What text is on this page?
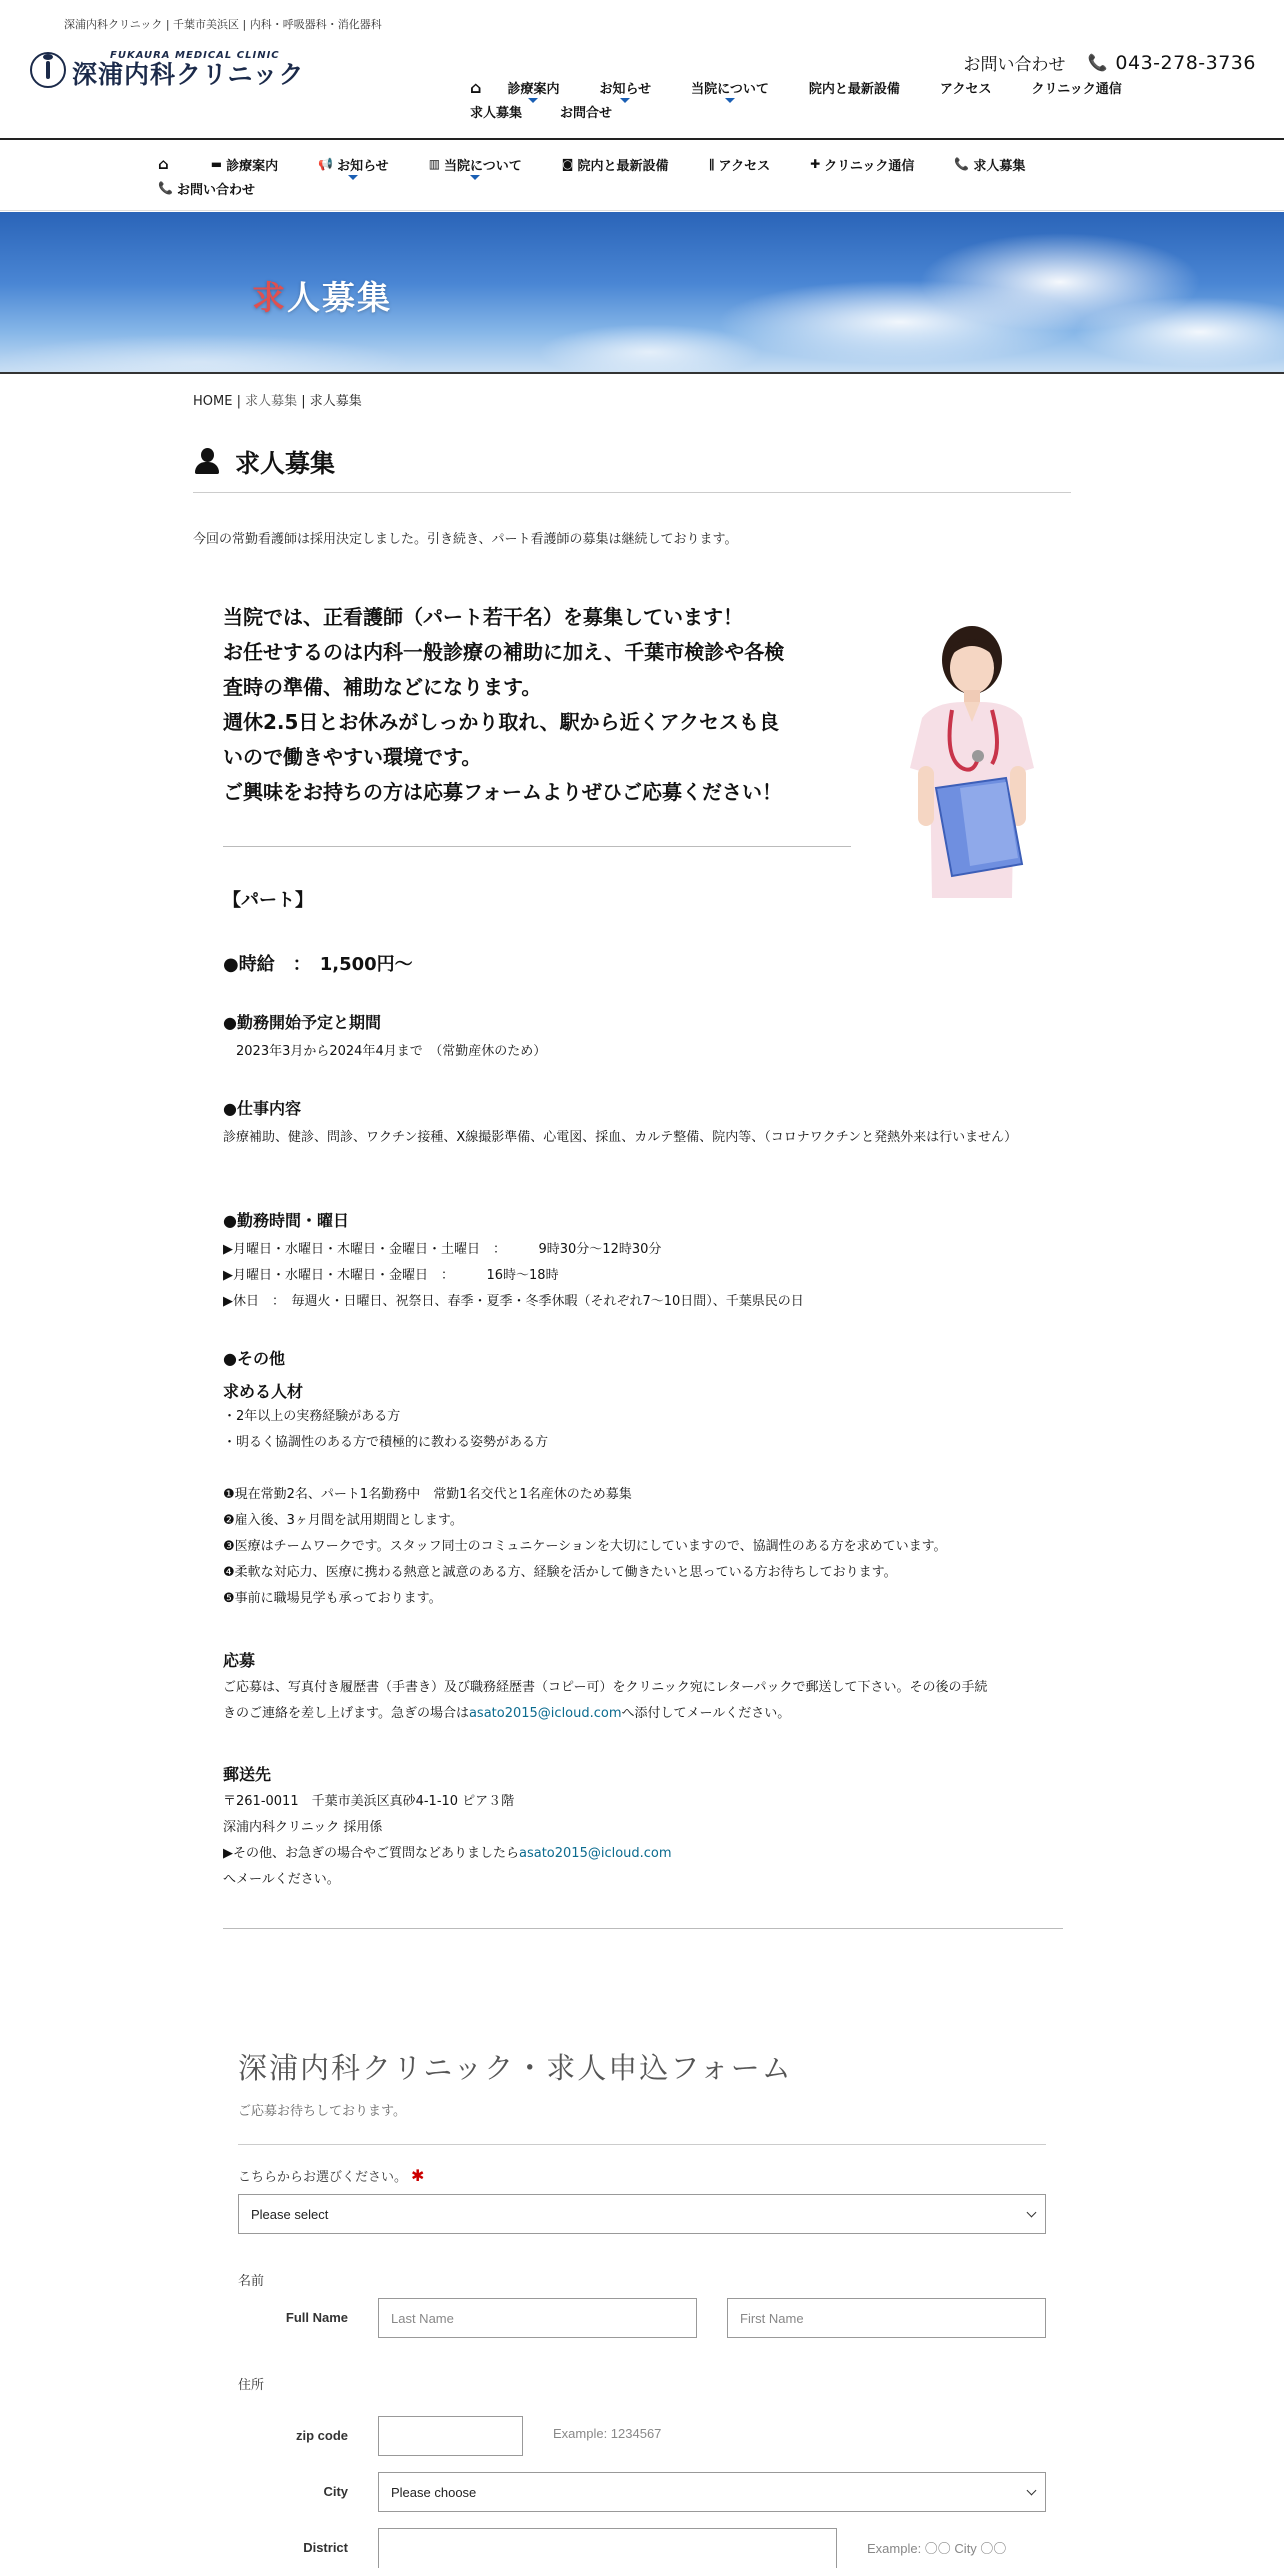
深浦内科クリニック | 千葉市美浜区 | 内科・呼吸器科・消化器科
FUKAURA MEDICAL CLINIC
深浦内科クリニック	お問い合わせ 📞 043-278-3736
⌂ 診療案内	お知らせ	当院について	院内と最新設備	アクセス	クリニック通信
求人募集	お問合せ
⌂	▬ 診療案内	📢 お知らせ	▥ 当院について	◙ 院内と最新設備	∥ アクセス	✚ クリニック通信	📞 求人募集
📞 お問い合わせ
求人募集
HOME | 求人募集 | 求人募集
求人募集
今回の常勤看護師は採用決定しました。引き続き、パート看護師の募集は継続しております。
当院では、正看護師（パート若干名）を募集しています！
お任せするのは内科一般診療の補助に加え、千葉市検診や各検
査時の準備、補助などになります。
週休2.5日とお休みがしっかり取れ、駅から近くアクセスも良
いので働きやすい環境です。
ご興味をお持ちの方は応募フォームよりぜひご応募ください！
【パート】
●時給　：　1,500円〜
●勤務開始予定と期間
　2023年3月から2024年4月まで　（常勤産休のため）
●仕事内容
診療補助、健診、問診、ワクチン接種、X線撮影準備、心電図、採血、カルテ整備、院内等、（コロナワクチンと発熱外来は行いません）
●勤務時間・曜日
▶月曜日・水曜日・木曜日・金曜日・土曜日　：　　　9時30分〜12時30分
▶月曜日・水曜日・木曜日・金曜日　：　　　16時〜18時
▶休日　：　毎週火・日曜日、祝祭日、春季・夏季・冬季休暇（それぞれ7〜10日間）、千葉県民の日
●その他
求める人材
・2年以上の実務経験がある方
・明るく協調性のある方で積極的に教わる姿勢がある方
❶現在常勤2名、パート1名勤務中　常勤1名交代と1名産休のため募集
❷雇入後、3ヶ月間を試用期間とします。
❸医療はチームワークです。スタッフ同士のコミュニケーションを大切にしていますので、協調性のある方を求めています。
❹柔軟な対応力、医療に携わる熱意と誠意のある方、経験を活かして働きたいと思っている方お待ちしております。
❺事前に職場見学も承っております。
応募
ご応募は、写真付き履歴書（手書き）及び職務経歴書（コピー可）をクリニック宛にレターパックで郵送して下さい。その後の手続
きのご連絡を差し上げます。急ぎの場合はasato2015@icloud.comへ添付してメールください。
郵送先
〒261-0011　千葉市美浜区真砂4-1-10 ピア３階
深浦内科クリニック 採用係
▶その他、お急ぎの場合やご質問などありましたらasato2015@icloud.com
へメールください。
深浦内科クリニック・求人申込フォーム
ご応募お待ちしております。
こちらからお選びください。 ✱
Please select
名前
Full Name	Last Name	First Name
住所
zip code	Example: 1234567
City	Please choose
District	Example: 〇〇 City 〇〇
